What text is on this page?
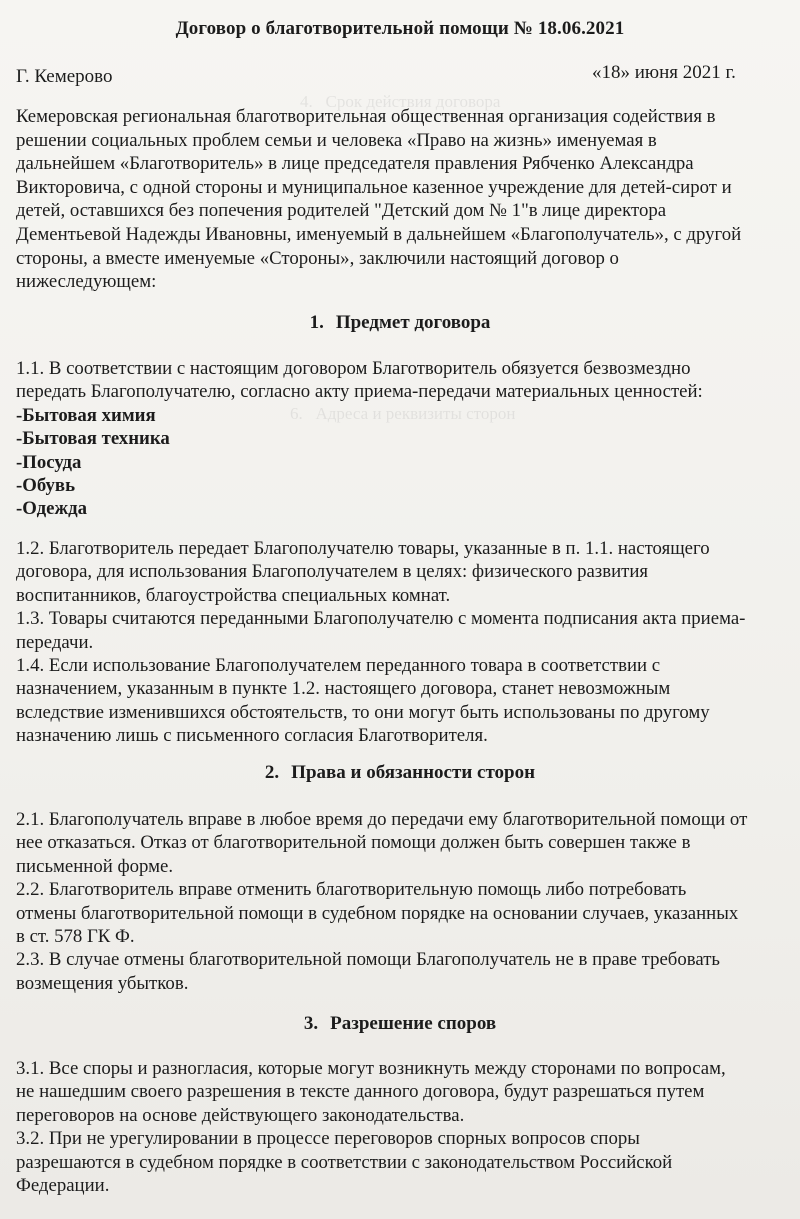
4.   Срок действия договора
6.   Адреса и реквизиты сторон
Договор о благотворительной помощи № 18.06.2021
Г. Кемерово	«18» июня 2021 г.
Кемеровская региональная благотворительная общественная организация содействия в
решении социальных проблем семьи и человека «Право на жизнь» именуемая в
дальнейшем «Благотворитель» в лице председателя правления Рябченко Александра
Викторовича, с одной стороны и муниципальное казенное учреждение для детей-сирот и
детей, оставшихся без попечения родителей "Детский дом № 1"в лице директора
Дементьевой Надежды Ивановны, именуемый в дальнейшем «Благополучатель», с другой
стороны, а вместе именуемые «Стороны», заключили настоящий договор о
нижеследующем:
1. Предмет договора
1.1. В соответствии с настоящим договором Благотворитель обязуется безвозмездно
передать Благополучателю, согласно акту приема-передачи материальных ценностей:
-Бытовая химия
-Бытовая техника
-Посуда
-Обувь
-Одежда
1.2. Благотворитель передает Благополучателю товары, указанные в п. 1.1. настоящего
договора, для использования Благополучателем в целях: физического развития
воспитанников, благоустройства специальных комнат.
1.3. Товары считаются переданными Благополучателю с момента подписания акта приема-
передачи.
1.4. Если использование Благополучателем переданного товара в соответствии с
назначением, указанным в пункте 1.2. настоящего договора, станет невозможным
вследствие изменившихся обстоятельств, то они могут быть использованы по другому
назначению лишь с письменного согласия Благотворителя.
2. Права и обязанности сторон
2.1. Благополучатель вправе в любое время до передачи ему благотворительной помощи от
нее отказаться. Отказ от благотворительной помощи должен быть совершен также в
письменной форме.
2.2. Благотворитель вправе отменить благотворительную помощь либо потребовать
отмены благотворительной помощи в судебном порядке на основании случаев, указанных
в ст. 578 ГК Ф.
2.3. В случае отмены благотворительной помощи Благополучатель не в праве требовать
возмещения убытков.
3. Разрешение споров
3.1. Все споры и разногласия, которые могут возникнуть между сторонами по вопросам,
не нашедшим своего разрешения в тексте данного договора, будут разрешаться путем
переговоров на основе действующего законодательства.
3.2. При не урегулировании в процессе переговоров спорных вопросов споры
разрешаются в судебном порядке в соответствии с законодательством Российской
Федерации.
